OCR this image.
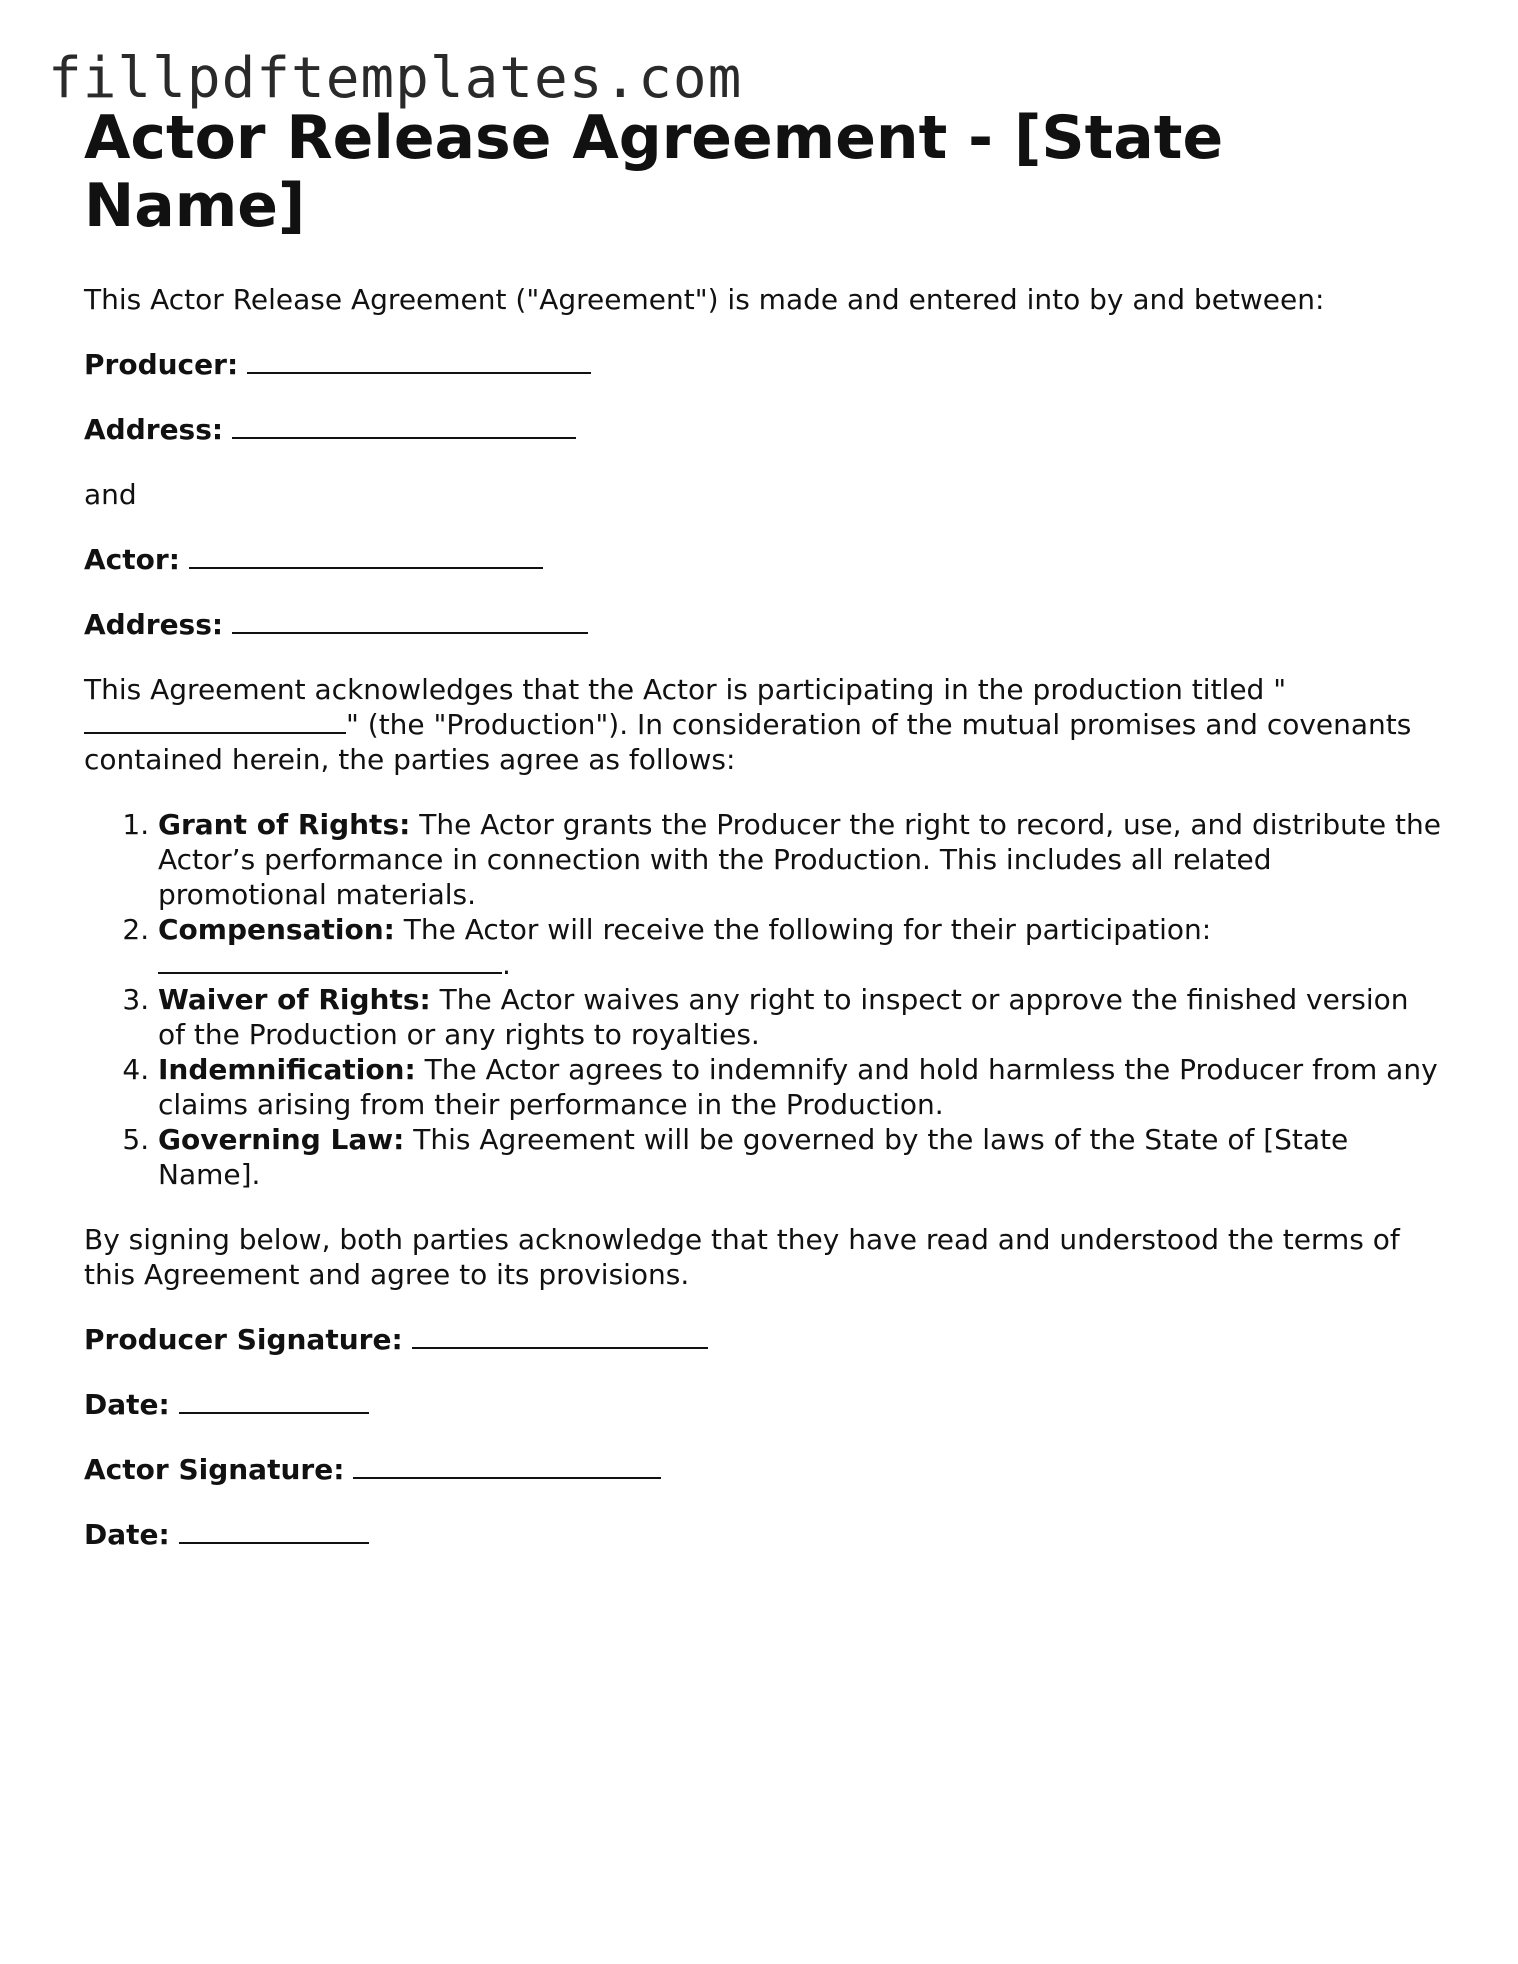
fillpdftemplates.com
Actor Release Agreement - [State Name]

This Actor Release Agreement ("Agreement") is made and entered into by and between:

Producer:

Address:

and

Actor:

Address:

This Agreement acknowledges that the Actor is participating in the production titled "" (the "Production"). In consideration of the mutual promises and covenants contained herein, the parties agree as follows:

1. Grant of Rights: The Actor grants the Producer the right to record, use, and distribute the Actor’s performance in connection with the Production. This includes all related promotional materials.
2. Compensation: The Actor will receive the following for their participation: .
3. Waiver of Rights: The Actor waives any right to inspect or approve the finished version of the Production or any rights to royalties.
4. Indemnification: The Actor agrees to indemnify and hold harmless the Producer from any claims arising from their performance in the Production.
5. Governing Law: This Agreement will be governed by the laws of the State of [State Name].

By signing below, both parties acknowledge that they have read and understood the terms of this Agreement and agree to its provisions.

Producer Signature:

Date:

Actor Signature:

Date:
